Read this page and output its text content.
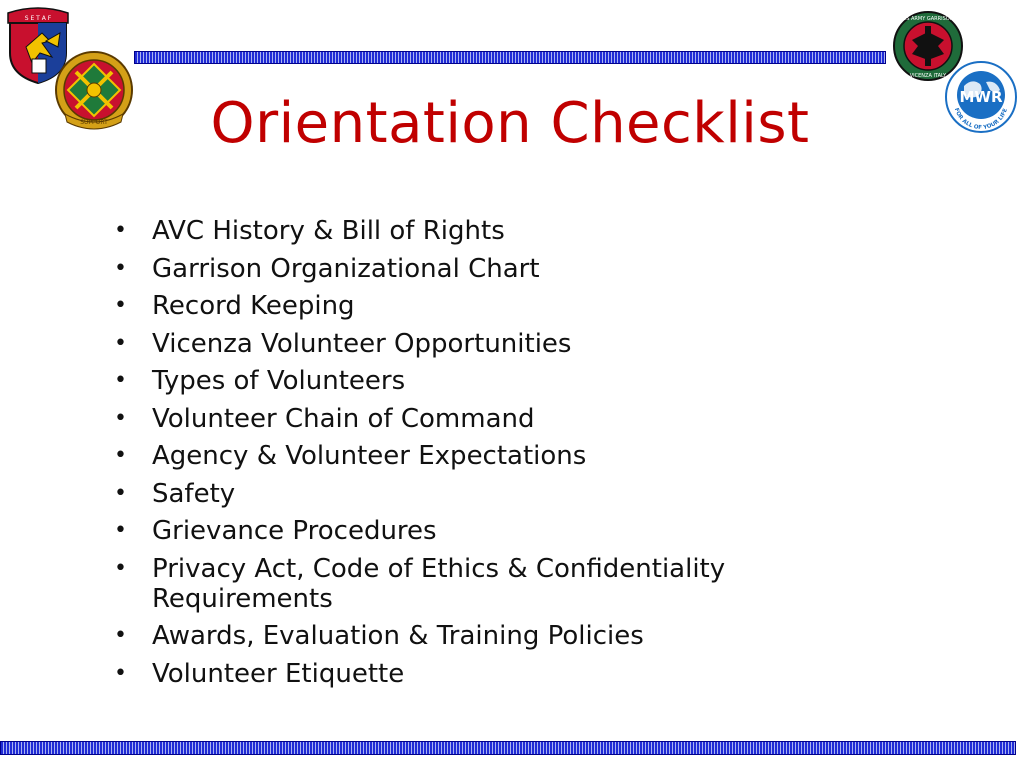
S E T A F
SUPPORT
US ARMY GARRISON
VICENZA ITALY
MWR
FOR ALL OF YOUR LIFE
Orientation Checklist
• AVC History & Bill of Rights
• Garrison Organizational Chart
• Record Keeping
• Vicenza Volunteer Opportunities
• Types of Volunteers
• Volunteer Chain of Command
• Agency & Volunteer Expectations
• Safety
• Grievance Procedures
• Privacy Act, Code of Ethics & Confidentiality Requirements
• Awards, Evaluation & Training Policies
• Volunteer Etiquette
